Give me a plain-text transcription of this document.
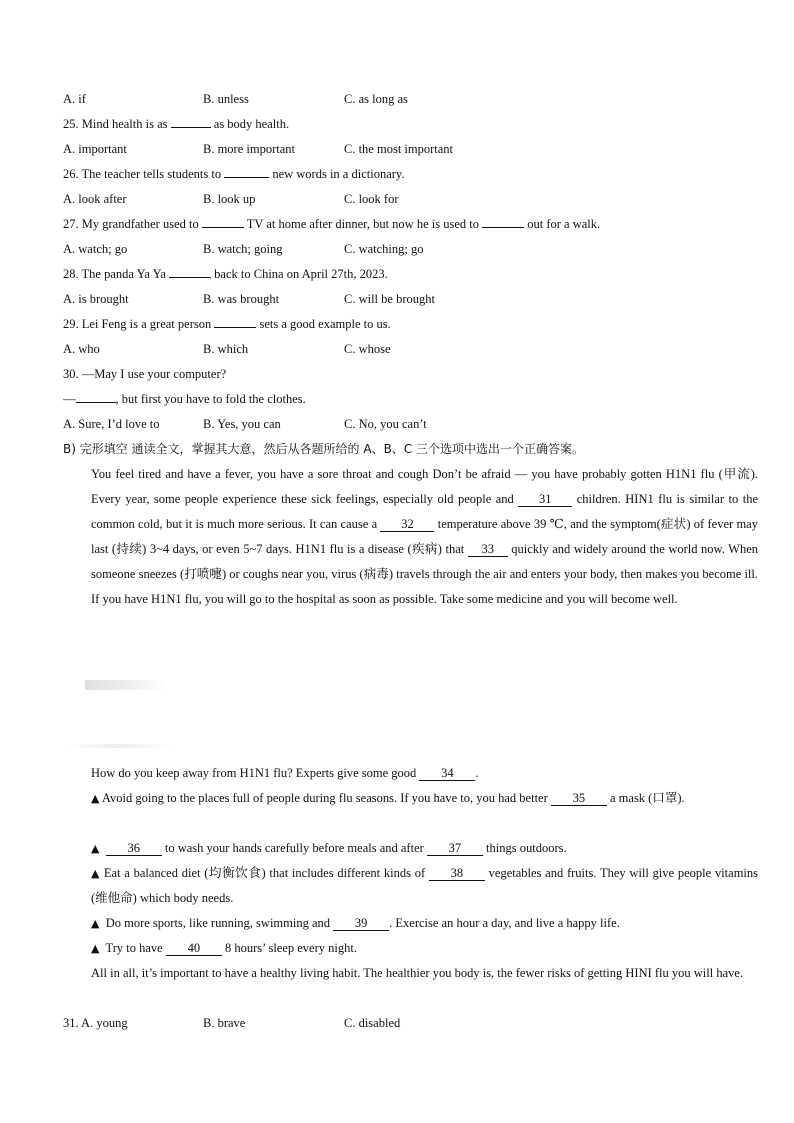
A. if	B. unless	C. as long as
25. Mind health is as	as body health.
A. important	B. more important	C. the most important
26. The teacher tells students to	new words in a dictionary.
A. look after	B. look up	C. look for
27. My grandfather used to	TV at home after dinner, but now he is used to	out for a walk.
A. watch; go	B. watch; going	C. watching; go
28. The panda Ya Ya	back to China on April 27th, 2023.
A. is brought	B. was brought	C. will be brought
29. Lei Feng is a great person	sets a good example to us.
A. who	B. which	C. whose
30. —May I use your computer?
—	, but first you have to fold the clothes.
A. Sure, I’d love to	B. Yes, you can	C. No, you can’t
B) 完形填空 通读全文，掌握其大意，然后从各题所给的 A、B、C 三个选项中选出一个正确答案。
You feel tired and have a fever, you have a sore throat and cough Don’t be afraid — you have probably gotten H1N1 flu (甲流). Every year, some people experience these sick feelings, especially old people and 31 children. HIN1 flu is similar to the common cold, but it is much more serious. It can cause a 32 temperature above 39 ℃, and the symptom(症状) of fever may last (持续) 3~4 days, or even 5~7 days. H1N1 flu is a disease (疾病) that 33 quickly and widely around the world now. When someone sneezes (打喷嚏) or coughs near you, virus (病毒) travels through the air and enters your body, then makes you become ill. If you have H1N1 flu, you will go to the hospital as soon as possible. Take some medicine and you will become well.
How do you keep away from H1N1 flu? Experts give some good 34 .
▲ Avoid going to the places full of people during flu seasons. If you have to, you had better 35 a mask (口罩).
▲ 36 to wash your hands carefully before meals and after 37 things outdoors.
▲ Eat a balanced diet (均衡饮食) that includes different kinds of 38 vegetables and fruits. They will give people vitamins (维他命) which body needs.
▲ Do more sports, like running, swimming and 39 . Exercise an hour a day, and live a happy life.
▲ Try to have 40 8 hours’ sleep every night.
All in all, it’s important to have a healthy living habit. The healthier you body is, the fewer risks of getting HINI flu you will have.
31. A. young	B. brave	C. disabled
